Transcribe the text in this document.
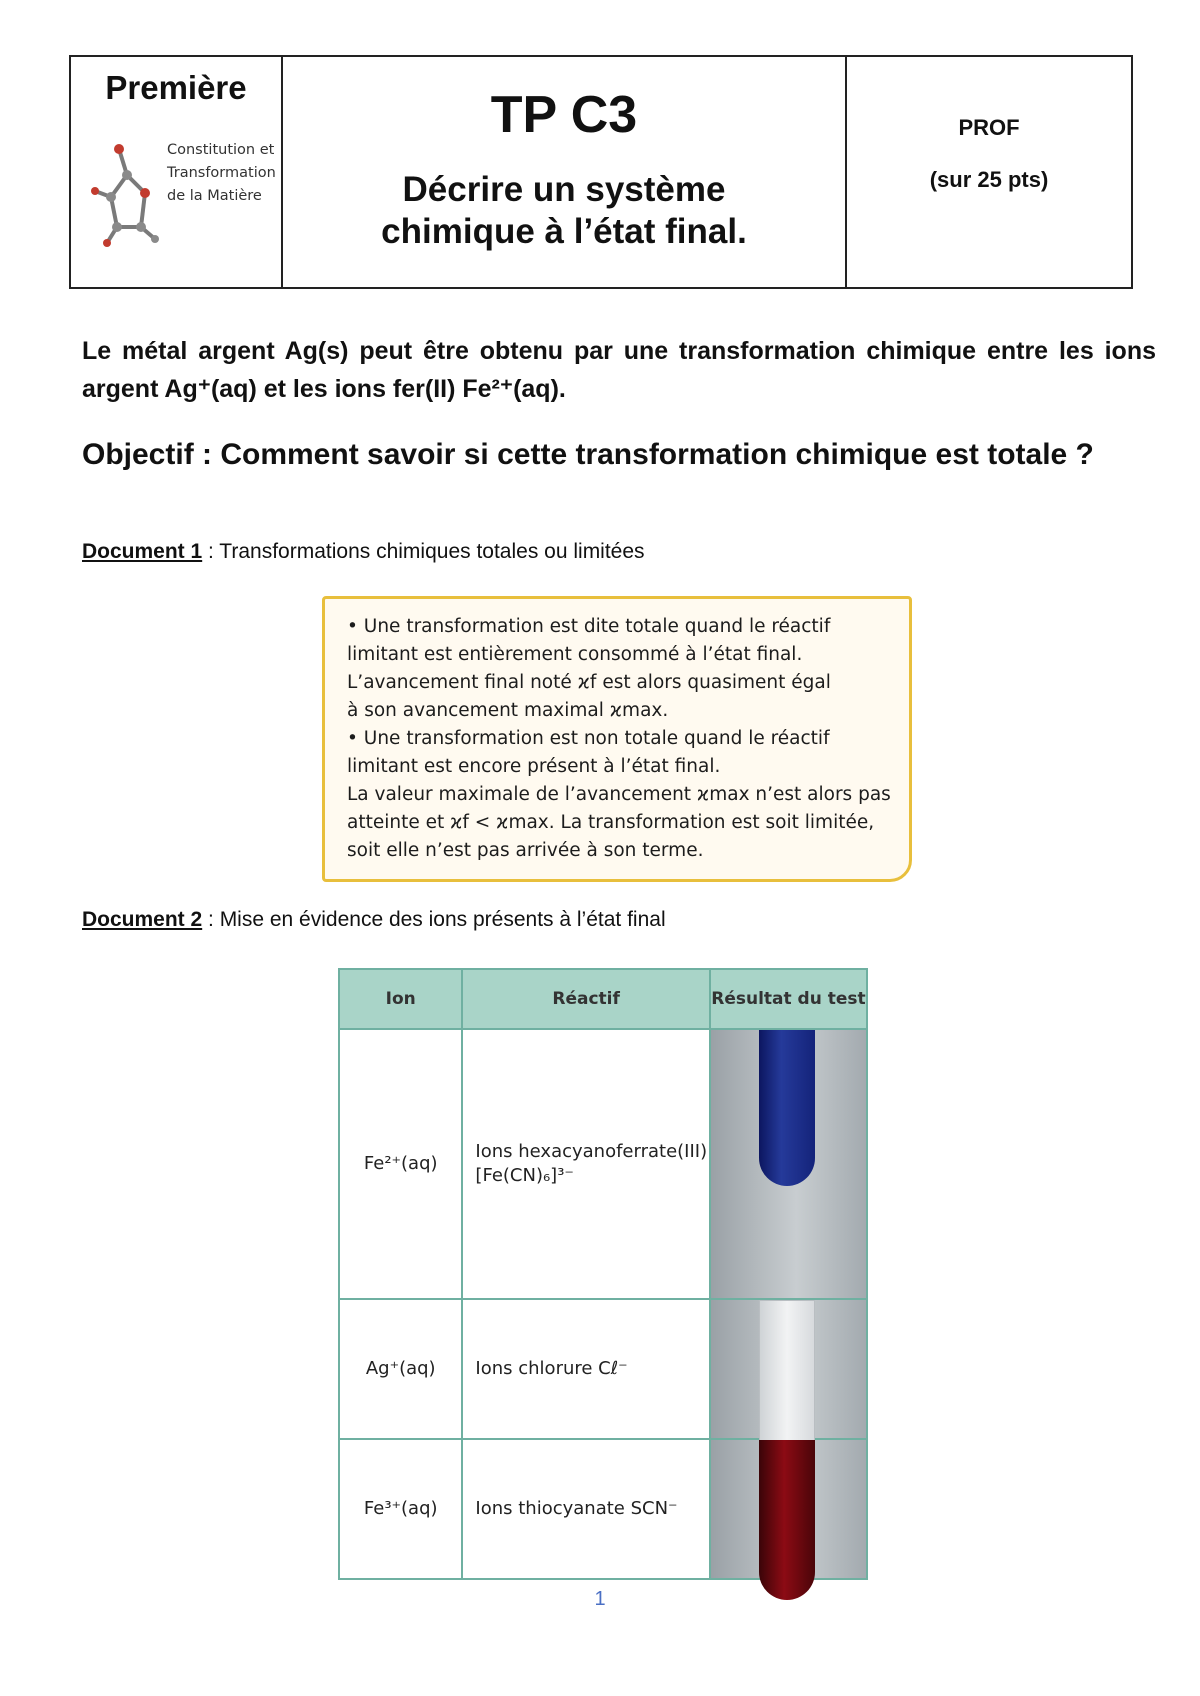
Première
Constitution et
Transformation
de la Matière
TP C3
Décrire un système
chimique à l’état final.
PROF
(sur 25 pts)

Le métal argent Ag(s) peut être obtenu par une transformation chimique entre les ions argent Ag⁺(aq) et les ions fer(II) Fe²⁺(aq).

Objectif : Comment savoir si cette transformation chimique est totale ?

Document 1 : Transformations chimiques totales ou limitées

• Une transformation est dite totale quand le réactif

limitant est entièrement consommé à l’état final.

L’avancement final noté ϰf est alors quasiment égal

à son avancement maximal ϰmax.

• Une transformation est non totale quand le réactif

limitant est encore présent à l’état final.

La valeur maximale de l’avancement ϰmax n’est alors pas

atteinte et ϰf < ϰmax. La transformation est soit limitée,

soit elle n’est pas arrivée à son terme.

Document 2 : Mise en évidence des ions présents à l’état final
Ion	Réactif	Résultat du test
Fe²⁺(aq)	Ions hexacyanoferrate(III)
[Fe(CN)₆]³⁻	

Ag⁺(aq)	Ions chlorure Cℓ⁻	

Fe³⁺(aq)	Ions thiocyanate SCN⁻	

1
